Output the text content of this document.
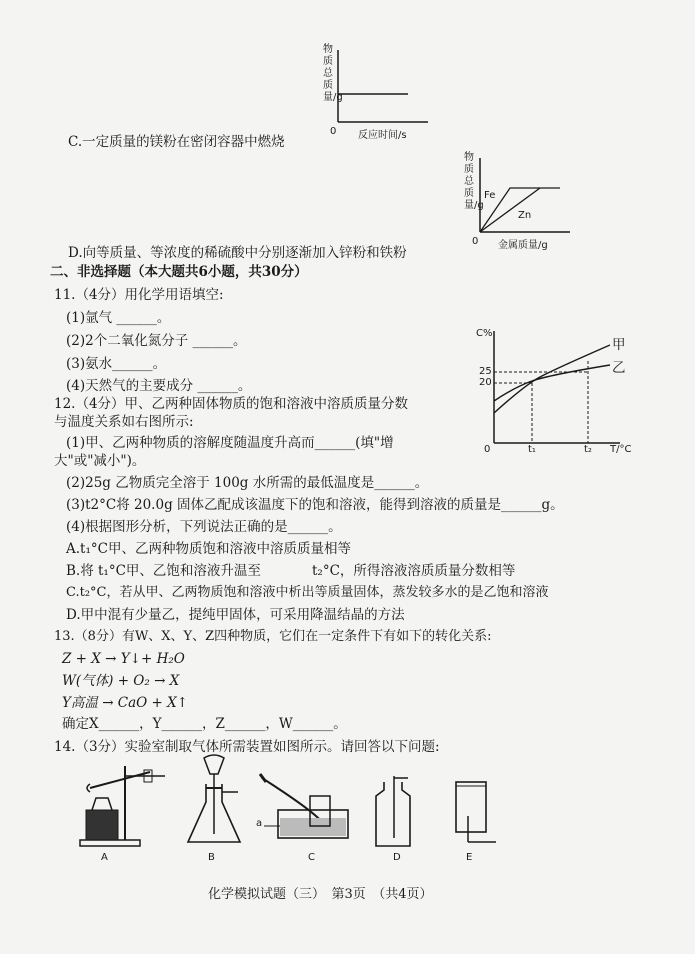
物质总质量/g
0 反应时间/s
C.一定质量的镁粉在密闭容器中燃烧
物质总质量/g
Fe
Zn
0 金属质量/g
D.向等质量、等浓度的稀硫酸中分别逐渐加入锌粉和铁粉
二、非选择题（本大题共6小题，共30分）
11.（4分）用化学用语填空:
(1)氩气 ______。
(2)2个二氧化氮分子 ______。
(3)氨水______。
(4)天然气的主要成分 ______。
C%
25
20
0	t₁	t₂ T/°C
甲
乙
12.（4分）甲、乙两种固体物质的饱和溶液中溶质质量分数
与温度关系如右图所示:
(1)甲、乙两种物质的溶解度随温度升高而______(填"增
大"或"减小")。
(2)25g 乙物质完全溶于 100g 水所需的最低温度是______。
(3)t2°C将 20.0g 固体乙配成该温度下的饱和溶液，能得到溶液的质量是______g。
(4)根据图形分析，下列说法正确的是______。
A.t₁°C甲、乙两种物质饱和溶液中溶质质量相等
B.将 t₁°C甲、乙饱和溶液升温至	t₂°C，所得溶液溶质质量分数相等
C.t₂°C，若从甲、乙两物质饱和溶液中析出等质量固体，蒸发较多水的是乙饱和溶液
D.甲中混有少量乙，提纯甲固体，可采用降温结晶的方法
13.（8分）有W、X、Y、Z四种物质，它们在一定条件下有如下的转化关系:
Z + X → Y↓+ H₂O
W(气体) + O₂ → X
Y高温 → CaO + X↑
确定X______，Y______，Z______，W______。
14.（3分）实验室制取气体所需装置如图所示。请回答以下问题:
A	B
a
C	D	E
化学模拟试题（三）　第3页　（共4页）
